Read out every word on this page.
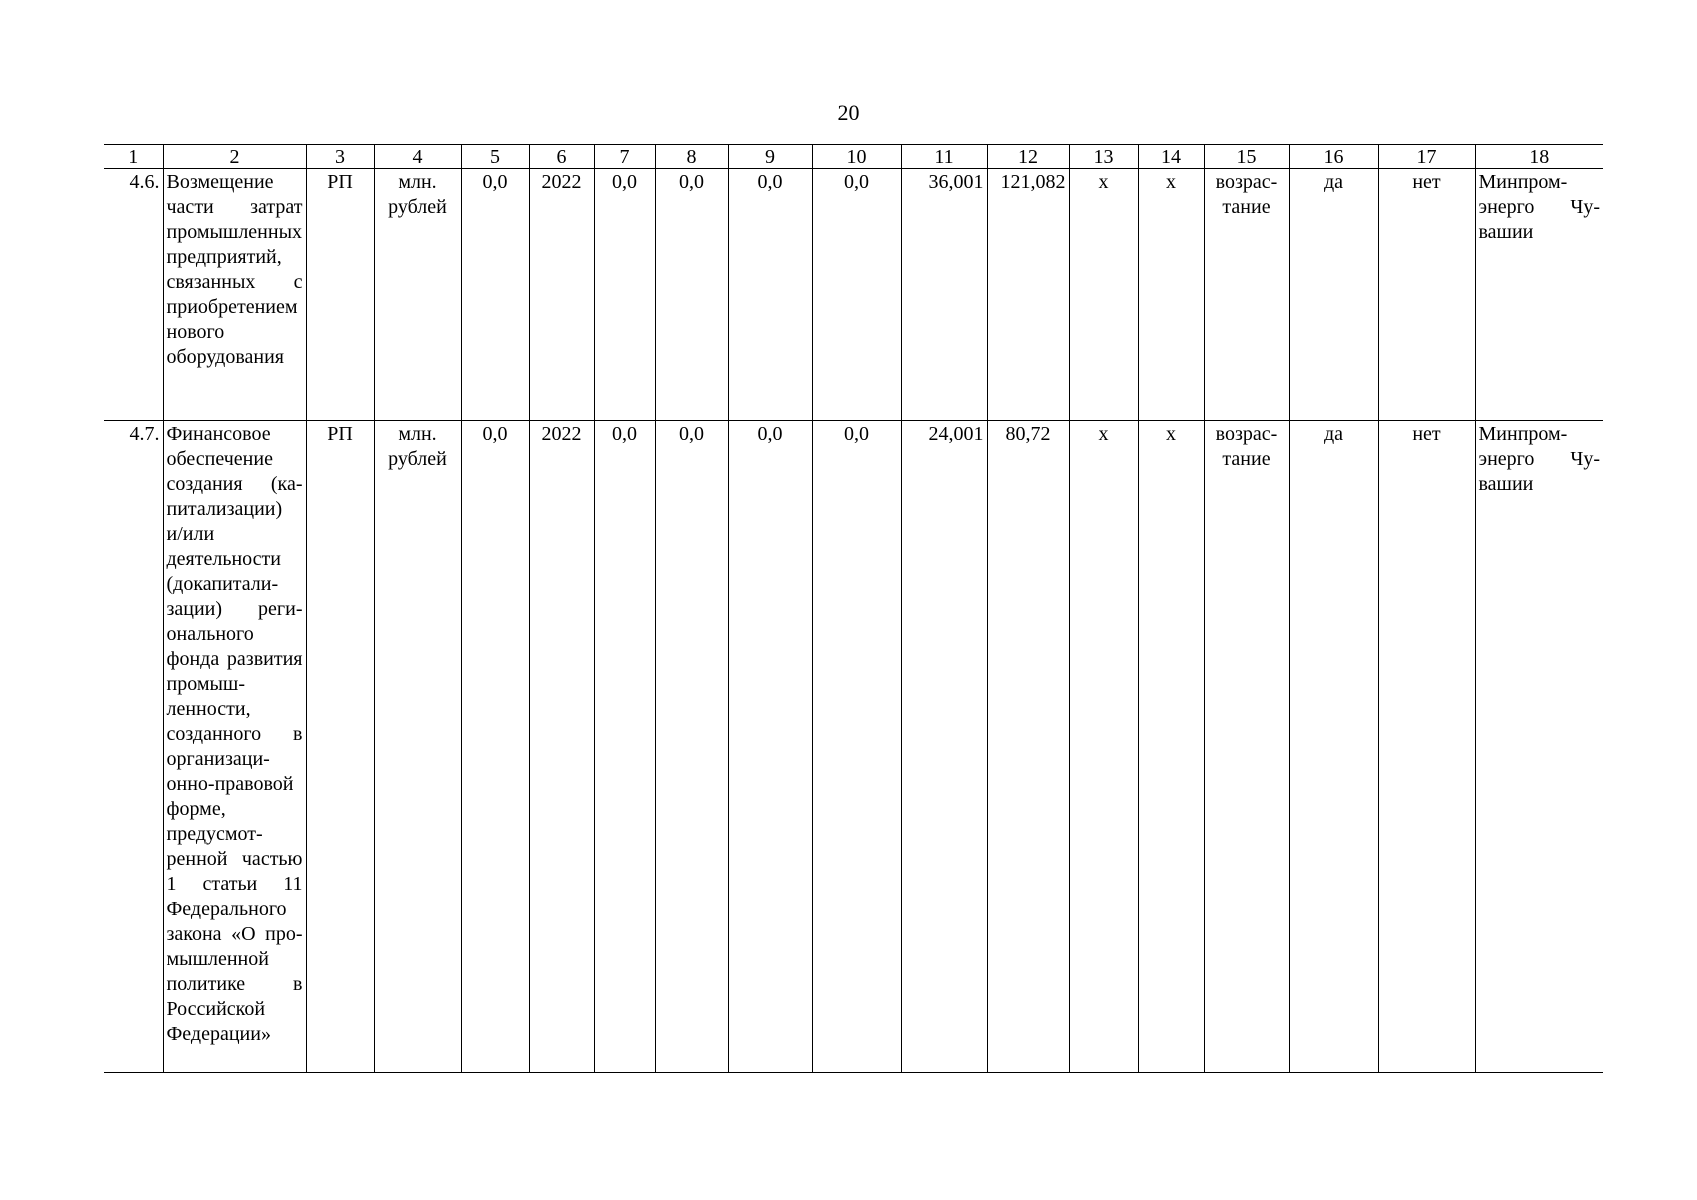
20
1	2	3	4	5	6	7	8	9	10	11	12	13	14	15	16	17	18
4.6.	Возмещение части затрат промышленных предприятий, связанных с приобретением нового оборудования	РП	млн. рублей	0,0	2022	0,0	0,0	0,0	0,0	36,001	121,082	х	х	возрастание	да	нет	Минпромэнерго Чувашии
4.7.	Финансовое обеспечение создания (капитализации) и/или деятельности (докапитализации) регионального фонда развития промышленности, созданного в организационно-правовой форме, предусмотренной частью 1 статьи 11 Федерального закона «О промышленной политике в Российской Федерации»	РП	млн. рублей	0,0	2022	0,0	0,0	0,0	0,0	24,001	80,72	х	х	возрастание	да	нет	Минпромэнерго Чувашии
